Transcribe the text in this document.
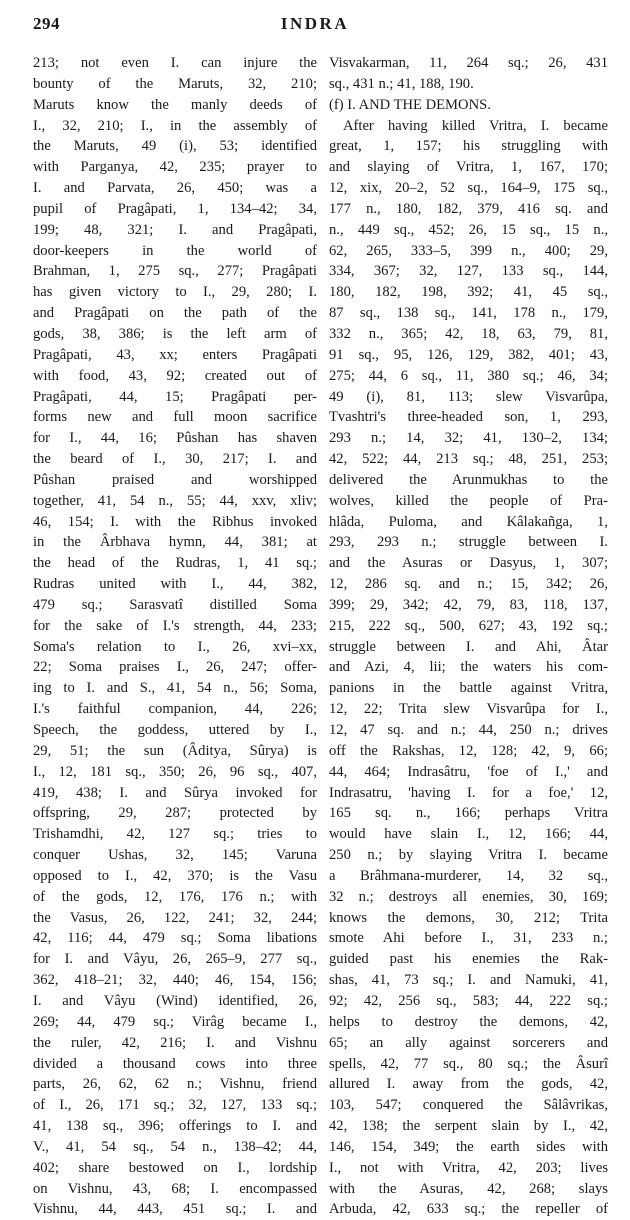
294	INDRA
213; not even I. can injure the
bounty of the Maruts, 32, 210;
Maruts know the manly deeds of
I., 32, 210; I., in the assembly of
the Maruts, 49 (i), 53; identified
with Parganya, 42, 235; prayer to
I. and Parvata, 26, 450; was a
pupil of Pragâpati, 1, 134–42; 34,
199; 48, 321; I. and Pragâpati,
door-keepers in the world of
Brahman, 1, 275 sq., 277; Pragâpati
has given victory to I., 29, 280; I.
and Pragâpati on the path of the
gods, 38, 386; is the left arm of
Pragâpati, 43, xx; enters Pragâpati
with food, 43, 92; created out of
Pragâpati, 44, 15; Pragâpati per-
forms new and full moon sacrifice
for I., 44, 16; Pûshan has shaven
the beard of I., 30, 217; I. and
Pûshan praised and worshipped
together, 41, 54 n., 55; 44, xxv, xliv;
46, 154; I. with the Ribhus invoked
in the Ârbhava hymn, 44, 381; at
the head of the Rudras, 1, 41 sq.;
Rudras united with I., 44, 382,
479 sq.; Sarasvatî distilled Soma
for the sake of I.'s strength, 44, 233;
Soma's relation to I., 26, xvi–xx,
22; Soma praises I., 26, 247; offer-
ing to I. and S., 41, 54 n., 56; Soma,
I.'s faithful companion, 44, 226;
Speech, the goddess, uttered by I.,
29, 51; the sun (Âditya, Sûrya) is
I., 12, 181 sq., 350; 26, 96 sq., 407,
419, 438; I. and Sûrya invoked for
offspring, 29, 287; protected by
Trishamdhi, 42, 127 sq.; tries to
conquer Ushas, 32, 145; Varuna
opposed to I., 42, 370; is the Vasu
of the gods, 12, 176, 176 n.; with
the Vasus, 26, 122, 241; 32, 244;
42, 116; 44, 479 sq.; Soma libations
for I. and Vâyu, 26, 265–9, 277 sq.,
362, 418–21; 32, 440; 46, 154, 156;
I. and Vâyu (Wind) identified, 26,
269; 44, 479 sq.; Virâg became I.,
the ruler, 42, 216; I. and Vishnu
divided a thousand cows into three
parts, 26, 62, 62 n.; Vishnu, friend
of I., 26, 171 sq.; 32, 127, 133 sq.;
41, 138 sq., 396; offerings to I. and
V., 41, 54 sq., 54 n., 138–42; 44,
402; share bestowed on I., lordship
on Vishnu, 43, 68; I. encompassed
Vishnu, 44, 443, 451 sq.; I. and
Visvakarman, 11, 264 sq.; 26, 431
sq., 431 n.; 41, 188, 190.
(f) I. AND THE DEMONS.
After having killed Vritra, I. became
great, 1, 157; his struggling with
and slaying of Vritra, 1, 167, 170;
12, xix, 20–2, 52 sq., 164–9, 175 sq.,
177 n., 180, 182, 379, 416 sq. and
n., 449 sq., 452; 26, 15 sq., 15 n.,
62, 265, 333–5, 399 n., 400; 29,
334, 367; 32, 127, 133 sq., 144,
180, 182, 198, 392; 41, 45 sq.,
87 sq., 138 sq., 141, 178 n., 179,
332 n., 365; 42, 18, 63, 79, 81,
91 sq., 95, 126, 129, 382, 401; 43,
275; 44, 6 sq., 11, 380 sq.; 46, 34;
49 (i), 81, 113; slew Visvarûpa,
Tvashtri's three-headed son, 1, 293,
293 n.; 14, 32; 41, 130–2, 134;
42, 522; 44, 213 sq.; 48, 251, 253;
delivered the Arunmukhas to the
wolves, killed the people of Pra-
hlâda, Puloma, and Kâlakañga, 1,
293, 293 n.; struggle between I.
and the Asuras or Dasyus, 1, 307;
12, 286 sq. and n.; 15, 342; 26,
399; 29, 342; 42, 79, 83, 118, 137,
215, 222 sq., 500, 627; 43, 192 sq.;
struggle between I. and Ahi, Âtar
and Azi, 4, lii; the waters his com-
panions in the battle against Vritra,
12, 22; Trita slew Visvarûpa for I.,
12, 47 sq. and n.; 44, 250 n.; drives
off the Rakshas, 12, 128; 42, 9, 66;
44, 464; Indrasâtru, 'foe of I.,' and
Indrasatru, 'having I. for a foe,' 12,
165 sq. n., 166; perhaps Vritra
would have slain I., 12, 166; 44,
250 n.; by slaying Vritra I. became
a Brâhmana-murderer, 14, 32 sq.,
32 n.; destroys all enemies, 30, 169;
knows the demons, 30, 212; Trita
smote Ahi before I., 31, 233 n.;
guided past his enemies the Rak-
shas, 41, 73 sq.; I. and Namuki, 41,
92; 42, 256 sq., 583; 44, 222 sq.;
helps to destroy the demons, 42,
65; an ally against sorcerers and
spells, 42, 77 sq., 80 sq.; the Âsurî
allured I. away from the gods, 42,
103, 547; conquered the Sâlâvrikas,
42, 138; the serpent slain by I., 42,
146, 154, 349; the earth sides with
I., not with Vritra, 42, 203; lives
with the Asuras, 42, 268; slays
Arbuda, 42, 633 sq.; the repeller of
